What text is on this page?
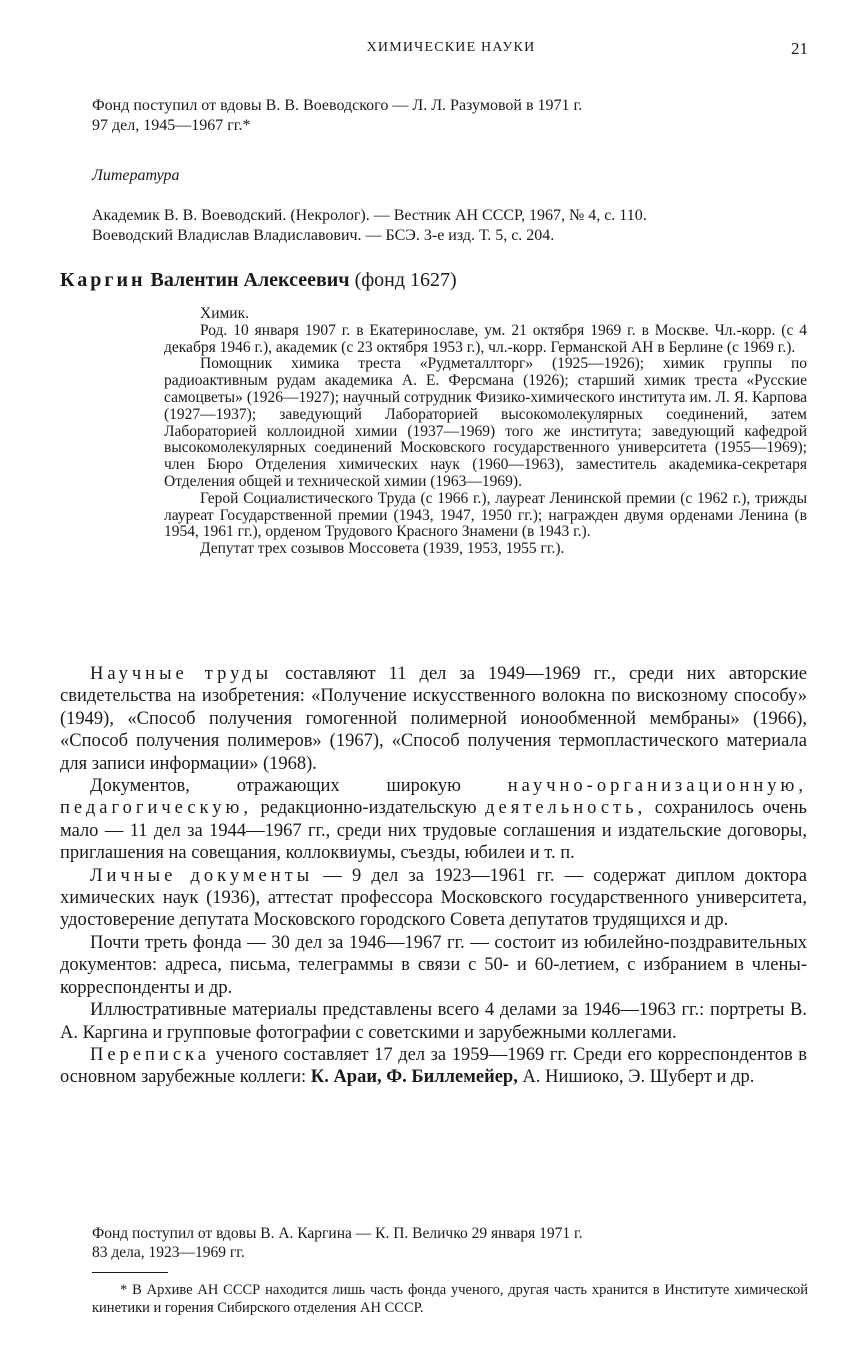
ХИМИЧЕСКИЕ НАУКИ	21
Фонд поступил от вдовы В. В. Воеводского — Л. Л. Разумовой в 1971 г.
97 дел, 1945—1967 гг.*
Литература
Академик В. В. Воеводский. (Некролог). — Вестник АН СССР, 1967, № 4, с. 110.
Воеводский Владислав Владиславович. — БСЭ. 3-е изд. Т. 5, с. 204.
Каргин Валентин Алексеевич (фонд 1627)

Химик.

Род. 10 января 1907 г. в Екатеринославе, ум. 21 октября 1969 г. в Москве. Чл.-корр. (с 4 декабря 1946 г.), академик (с 23 октября 1953 г.), чл.-корр. Германской АН в Берлине (с 1969 г.).

Помощник химика треста «Рудметаллторг» (1925—1926); химик группы по радиоактивным рудам академика А. Е. Ферсмана (1926); старший химик треста «Русские самоцветы» (1926—1927); научный сотрудник Физико-химического института им. Л. Я. Карпова (1927—1937); заведующий Лабораторией высокомолекулярных соединений, затем Лабораторией коллоидной химии (1937—1969) того же института; заведующий кафедрой высокомолекулярных соединений Московского государственного университета (1955—1969); член Бюро Отделения химических наук (1960—1963), заместитель академика-секретаря Отделения общей и технической химии (1963—1969).

Герой Социалистического Труда (с 1966 г.), лауреат Ленинской премии (с 1962 г.), трижды лауреат Государственной премии (1943, 1947, 1950 гг.); награжден двумя орденами Ленина (в 1954, 1961 гг.), орденом Трудового Красного Знамени (в 1943 г.).

Депутат трех созывов Моссовета (1939, 1953, 1955 гг.).

Научные труды составляют 11 дел за 1949—1969 гг., среди них авторские свидетельства на изобретения: «Получение искусственного волокна по вискозному способу» (1949), «Способ получения гомогенной полимерной ионообменной мембраны» (1966), «Способ получения полимеров» (1967), «Способ получения термопластического материала для записи информации» (1968).

Документов, отражающих широкую научно-организационную, педагогическую, редакционно-издательскую деятельность, сохранилось очень мало — 11 дел за 1944—1967 гг., среди них трудовые соглашения и издательские договоры, приглашения на совещания, коллоквиумы, съезды, юбилеи и т. п.

Личные документы — 9 дел за 1923—1961 гг. — содержат диплом доктора химических наук (1936), аттестат профессора Московского государственного университета, удостоверение депутата Московского городского Совета депутатов трудящихся и др.

Почти треть фонда — 30 дел за 1946—1967 гг. — состоит из юбилейно-поздравительных документов: адреса, письма, телеграммы в связи с 50- и 60-летием, с избранием в члены-корреспонденты и др.

Иллюстративные материалы представлены всего 4 делами за 1946—1963 гг.: портреты В. А. Каргина и групповые фотографии с советскими и зарубежными коллегами.

Переписка ученого составляет 17 дел за 1959—1969 гг. Среди его корреспондентов в основном зарубежные коллеги: К. Араи, Ф. Биллемейер, А. Нишиоко, Э. Шуберт и др.

Фонд поступил от вдовы В. А. Каргина — К. П. Величко 29 января 1971 г.
83 дела, 1923—1969 гг.

* В Архиве АН СССР находится лишь часть фонда ученого, другая часть хранится в Институте химической кинетики и горения Сибирского отделения АН СССР.
